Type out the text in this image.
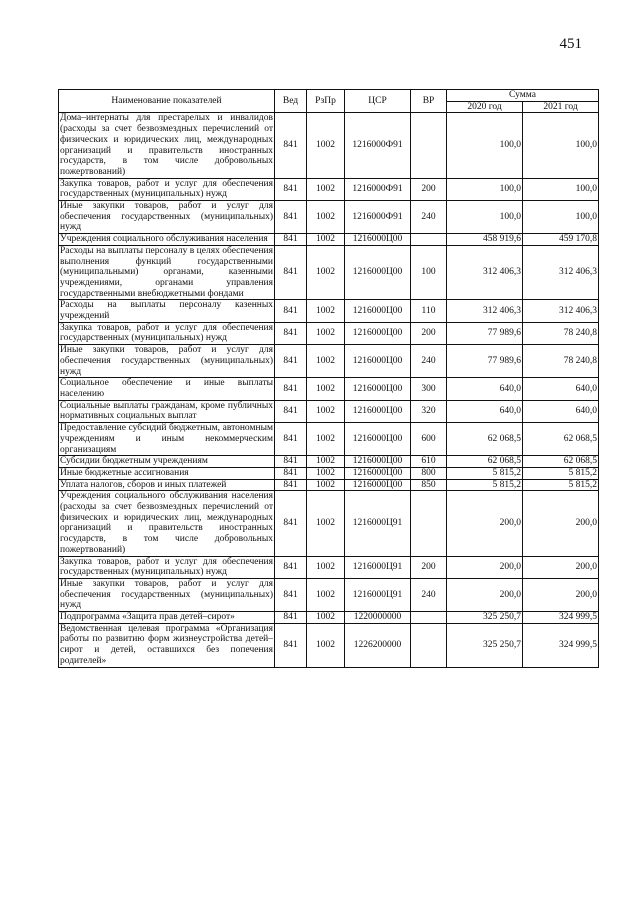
451
Наименование показателей	Вед	РзПр	ЦСР	ВР	Сумма	
					2020 год	2021 год
Дома–интернаты для престарелых и инвалидов (расходы за счет безвозмездных перечислений от физических и юридических лиц, международных организаций и правительств иностранных государств, в том числе добровольных пожертвований)	841	1002	1216000Ф91		100,0	100,0
Закупка товаров, работ и услуг для обеспечения государственных (муниципальных) нужд	841	1002	1216000Ф91	200	100,0	100,0
Иные закупки товаров, работ и услуг для обеспечения государственных (муниципальных) нужд	841	1002	1216000Ф91	240	100,0	100,0
Учреждения социального обслуживания населения	841	1002	1216000Ц00		458 919,6	459 170,8
Расходы на выплаты персоналу в целях обеспечения выполнения функций государственными (муниципальными) органами, казенными учреждениями, органами управления государственными внебюджетными фондами	841	1002	1216000Ц00	100	312 406,3	312 406,3
Расходы на выплаты персоналу казенных учреждений	841	1002	1216000Ц00	110	312 406,3	312 406,3
Закупка товаров, работ и услуг для обеспечения государственных (муниципальных) нужд	841	1002	1216000Ц00	200	77 989,6	78 240,8
Иные закупки товаров, работ и услуг для обеспечения государственных (муниципальных) нужд	841	1002	1216000Ц00	240	77 989,6	78 240,8
Социальное обеспечение и иные выплаты населению	841	1002	1216000Ц00	300	640,0	640,0
Социальные выплаты гражданам, кроме публичных нормативных социальных выплат	841	1002	1216000Ц00	320	640,0	640,0
Предоставление субсидий бюджетным, автономным учреждениям и иным некоммерческим организациям	841	1002	1216000Ц00	600	62 068,5	62 068,5
Субсидии бюджетным учреждениям	841	1002	1216000Ц00	610	62 068,5	62 068,5
Иные бюджетные ассигнования	841	1002	1216000Ц00	800	5 815,2	5 815,2
Уплата налогов, сборов и иных платежей	841	1002	1216000Ц00	850	5 815,2	5 815,2
Учреждения социального обслуживания населения (расходы за счет безвозмездных перечислений от физических и юридических лиц, международных организаций и правительств иностранных государств, в том числе добровольных пожертвований)	841	1002	1216000Ц91		200,0	200,0
Закупка товаров, работ и услуг для обеспечения государственных (муниципальных) нужд	841	1002	1216000Ц91	200	200,0	200,0
Иные закупки товаров, работ и услуг для обеспечения государственных (муниципальных) нужд	841	1002	1216000Ц91	240	200,0	200,0
Подпрограмма «Защита прав детей–сирот»	841	1002	1220000000		325 250,7	324 999,5
Ведомственная целевая программа «Организация работы по развитию форм жизнеустройства детей–сирот и детей, оставшихся без попечения родителей»	841	1002	1226200000		325 250,7	324 999,5
